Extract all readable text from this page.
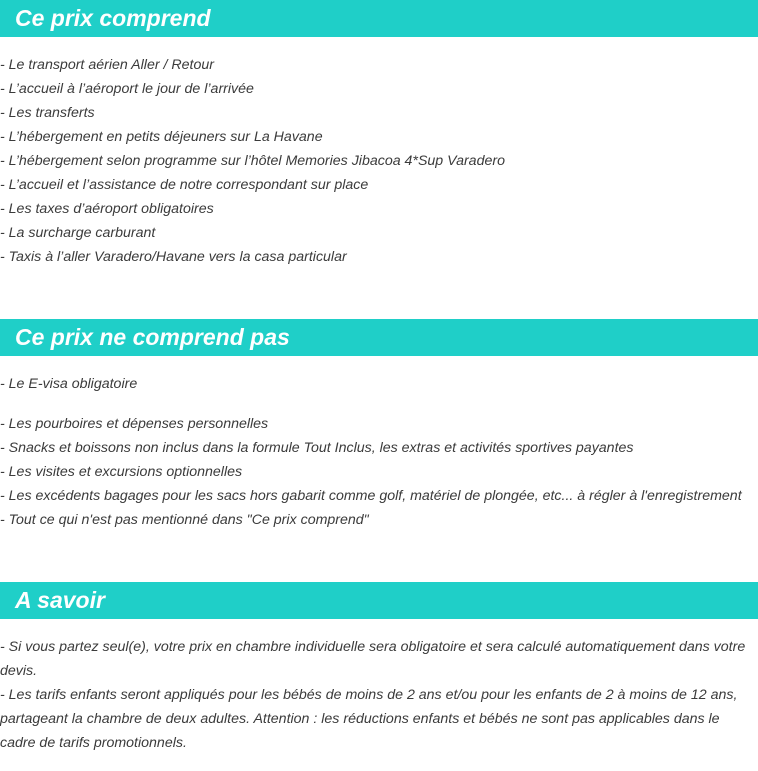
Ce prix comprend
- Le transport aérien Aller / Retour
- L’accueil à l’aéroport le jour de l’arrivée
- Les transferts
- L’hébergement en petits déjeuners sur La Havane
- L’hébergement selon programme sur l’hôtel Memories Jibacoa 4*Sup Varadero
- L’accueil et l’assistance de notre correspondant sur place
- Les taxes d’aéroport obligatoires
- La surcharge carburant
- Taxis à l’aller Varadero/Havane vers la casa particular
Ce prix ne comprend pas
- Le E-visa obligatoire
- Les pourboires et dépenses personnelles
- Snacks et boissons non inclus dans la formule Tout Inclus, les extras et activités sportives payantes
- Les visites et excursions optionnelles
- Les excédents bagages pour les sacs hors gabarit comme golf, matériel de plongée, etc... à régler à l'enregistrement
- Tout ce qui n'est pas mentionné dans "Ce prix comprend"
A savoir

- Si vous partez seul(e), votre prix en chambre individuelle sera obligatoire et sera calculé automatiquement dans votre devis.

- Les tarifs enfants seront appliqués pour les bébés de moins de 2 ans et/ou pour les enfants de 2 à moins de 12 ans, partageant la chambre de deux adultes. Attention : les réductions enfants et bébés ne sont pas applicables dans le cadre de tarifs promotionnels.
